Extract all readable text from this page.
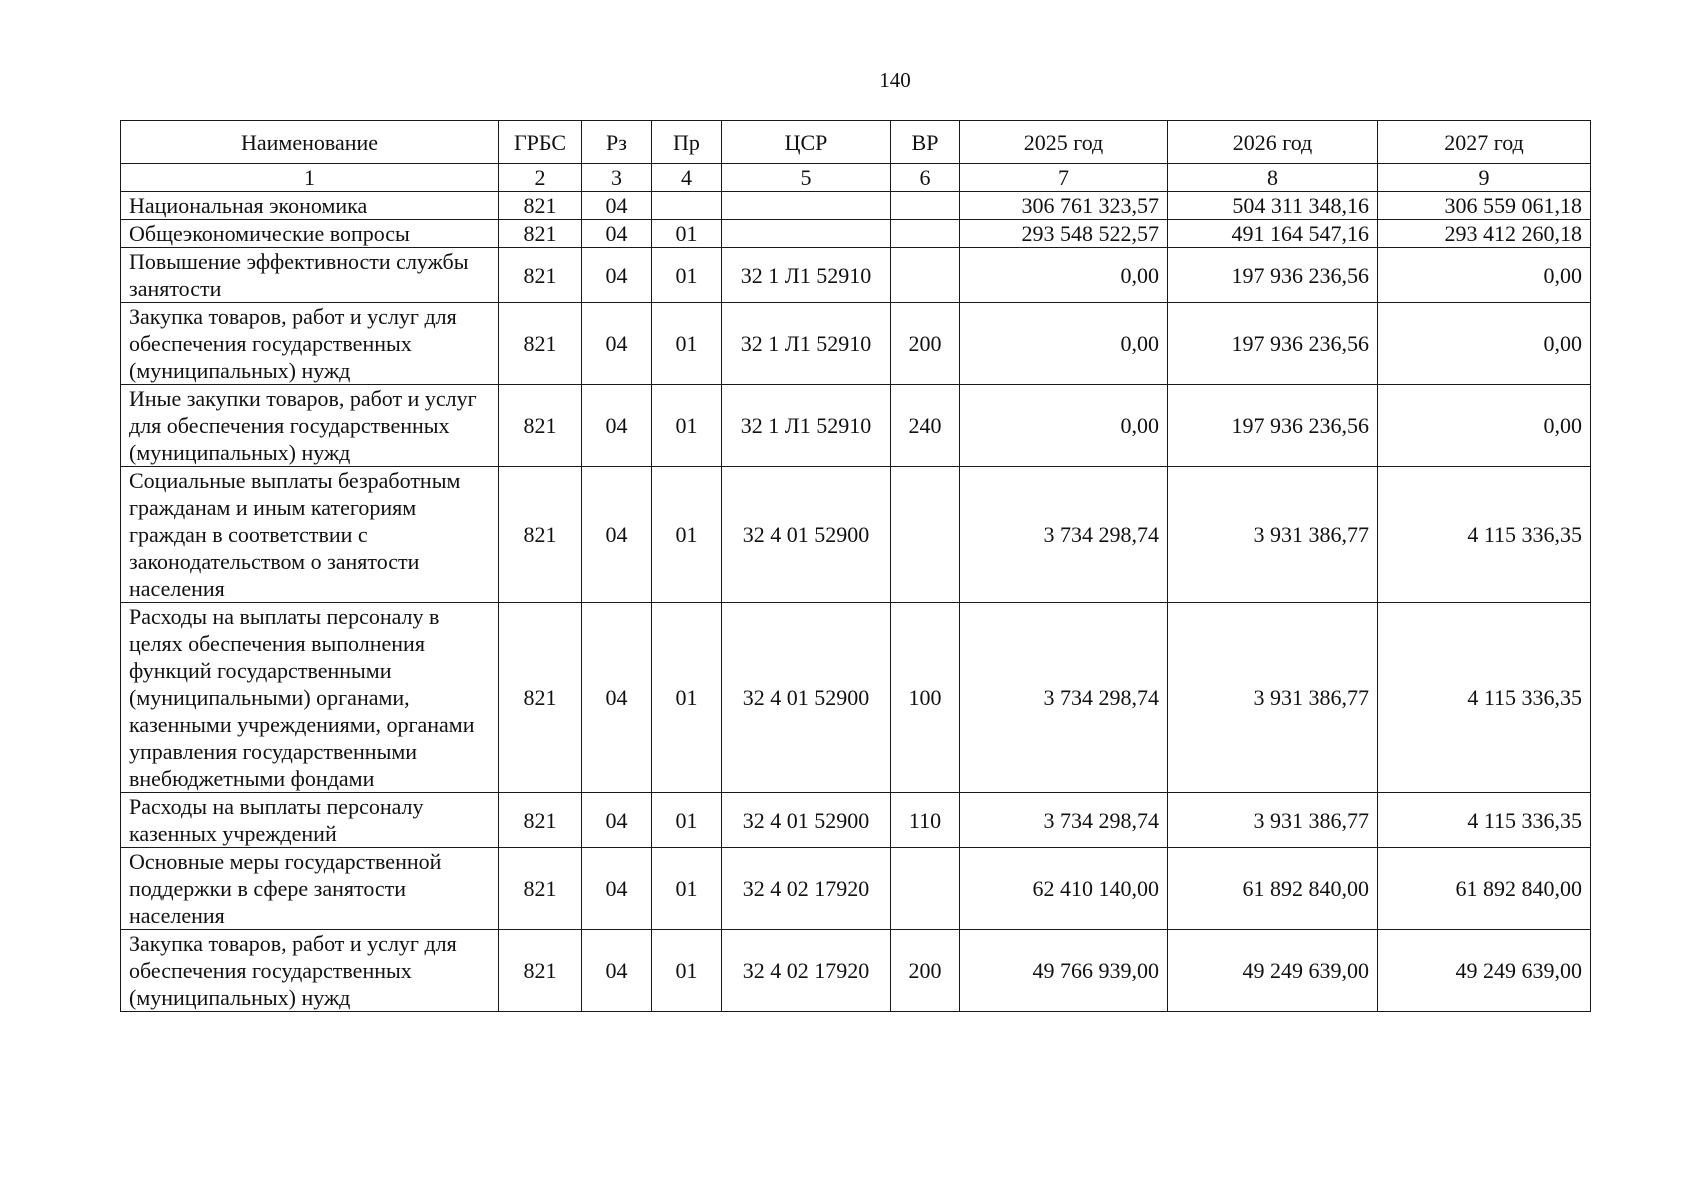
140
Наименование	ГРБС	Рз	Пр	ЦСР	ВР	2025 год	2026 год	2027 год
1	2	3	4	5	6	7	8	9
Национальная экономика	821	04				306 761 323,57	504 311 348,16	306 559 061,18
Общеэкономические вопросы	821	04	01			293 548 522,57	491 164 547,16	293 412 260,18
Повышение эффективности службы занятости	821	04	01	32 1 Л1 52910		0,00	197 936 236,56	0,00
Закупка товаров, работ и услуг для обеспечения государственных (муниципальных) нужд	821	04	01	32 1 Л1 52910	200	0,00	197 936 236,56	0,00
Иные закупки товаров, работ и услуг для обеспечения государственных (муниципальных) нужд	821	04	01	32 1 Л1 52910	240	0,00	197 936 236,56	0,00
Социальные выплаты безработным гражданам и иным категориям граждан в соответствии с законодательством о занятости населения	821	04	01	32 4 01 52900		3 734 298,74	3 931 386,77	4 115 336,35
Расходы на выплаты персоналу в целях обеспечения выполнения функций государственными (муниципальными) органами, казенными учреждениями, органами управления государственными внебюджетными фондами	821	04	01	32 4 01 52900	100	3 734 298,74	3 931 386,77	4 115 336,35
Расходы на выплаты персоналу казенных учреждений	821	04	01	32 4 01 52900	110	3 734 298,74	3 931 386,77	4 115 336,35
Основные меры государственной поддержки в сфере занятости населения	821	04	01	32 4 02 17920		62 410 140,00	61 892 840,00	61 892 840,00
Закупка товаров, работ и услуг для обеспечения государственных (муниципальных) нужд	821	04	01	32 4 02 17920	200	49 766 939,00	49 249 639,00	49 249 639,00
